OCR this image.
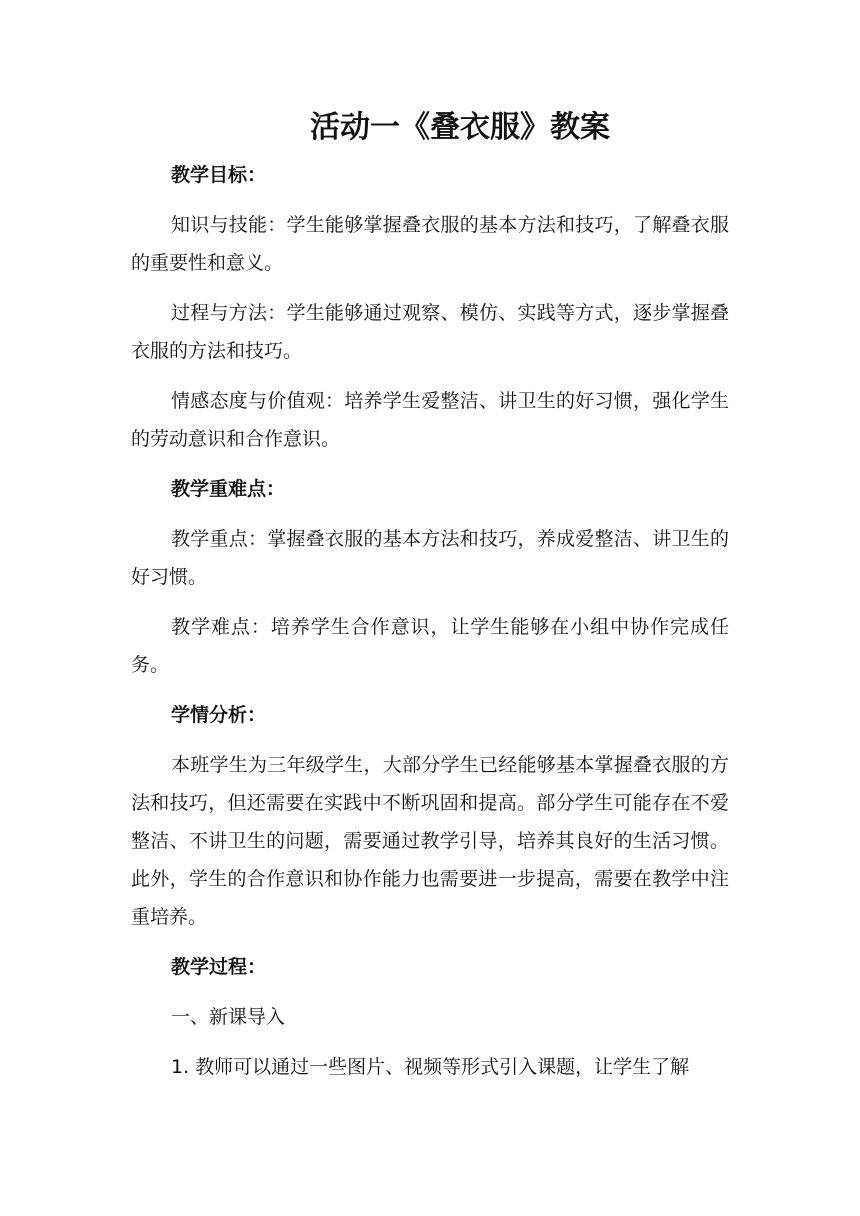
活动一《叠衣服》教案
教学目标：
知识与技能：学生能够掌握叠衣服的基本方法和技巧，了解叠衣服的重要性和意义。
过程与方法：学生能够通过观察、模仿、实践等方式，逐步掌握叠衣服的方法和技巧。
情感态度与价值观：培养学生爱整洁、讲卫生的好习惯，强化学生的劳动意识和合作意识。
教学重难点：
教学重点：掌握叠衣服的基本方法和技巧，养成爱整洁、讲卫生的好习惯。
教学难点：培养学生合作意识，让学生能够在小组中协作完成任务。
学情分析：
本班学生为三年级学生，大部分学生已经能够基本掌握叠衣服的方法和技巧，但还需要在实践中不断巩固和提高。部分学生可能存在不爱整洁、不讲卫生的问题，需要通过教学引导，培养其良好的生活习惯。此外，学生的合作意识和协作能力也需要进一步提高，需要在教学中注重培养。
教学过程：
一、新课导入
1. 教师可以通过一些图片、视频等形式引入课题，让学生了解
